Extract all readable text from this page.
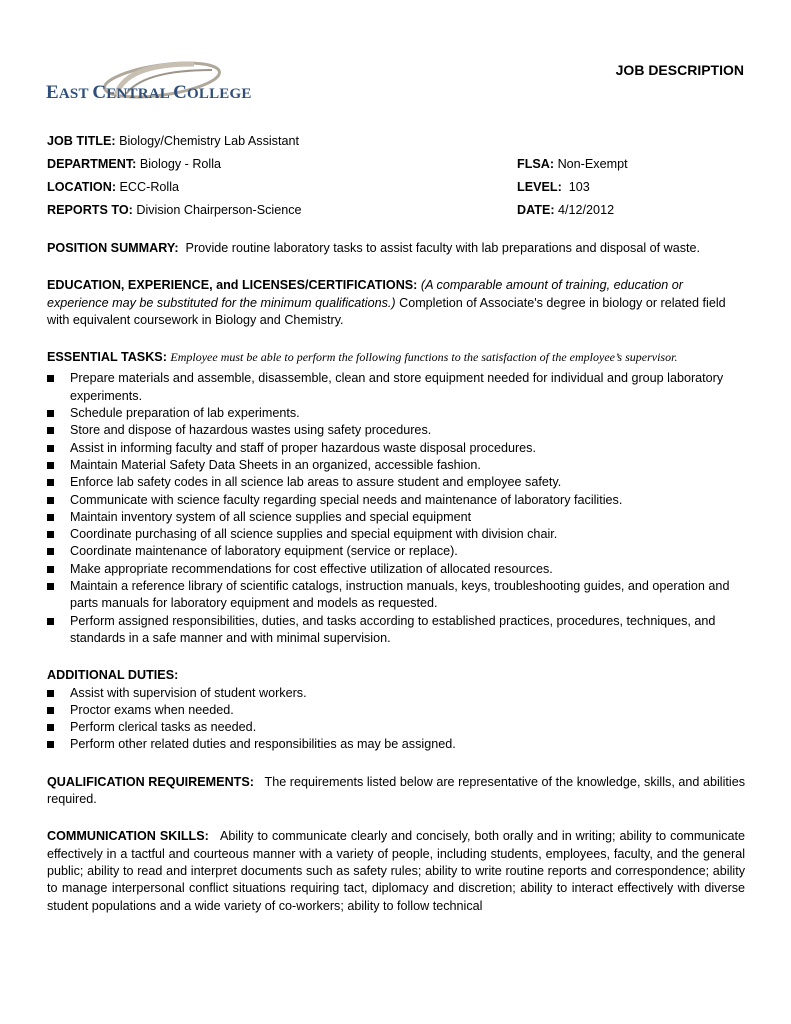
EAST CENTRAL COLLEGE
JOB DESCRIPTION
JOB TITLE: Biology/Chemistry Lab Assistant
DEPARTMENT: Biology - Rolla	FLSA: Non-Exempt
LOCATION: ECC-Rolla	LEVEL: 103
REPORTS TO: Division Chairperson-Science	DATE: 4/12/2012

POSITION SUMMARY: Provide routine laboratory tasks to assist faculty with lab preparations and disposal of waste.

EDUCATION, EXPERIENCE, and LICENSES/CERTIFICATIONS: (A comparable amount of training, education or experience may be substituted for the minimum qualifications.) Completion of Associate's degree in biology or related field with equivalent coursework in Biology and Chemistry.

ESSENTIAL TASKS: Employee must be able to perform the following functions to the satisfaction of the employee’s supervisor.

Prepare materials and assemble, disassemble, clean and store equipment needed for individual and group laboratory experiments.
Schedule preparation of lab experiments.
Store and dispose of hazardous wastes using safety procedures.
Assist in informing faculty and staff of proper hazardous waste disposal procedures.
Maintain Material Safety Data Sheets in an organized, accessible fashion.
Enforce lab safety codes in all science lab areas to assure student and employee safety.
Communicate with science faculty regarding special needs and maintenance of laboratory facilities.
Maintain inventory system of all science supplies and special equipment
Coordinate purchasing of all science supplies and special equipment with division chair.
Coordinate maintenance of laboratory equipment (service or replace).
Make appropriate recommendations for cost effective utilization of allocated resources.
Maintain a reference library of scientific catalogs, instruction manuals, keys, troubleshooting guides, and operation and parts manuals for laboratory equipment and models as requested.
Perform assigned responsibilities, duties, and tasks according to established practices, procedures, techniques, and standards in a safe manner and with minimal supervision.

ADDITIONAL DUTIES:

Assist with supervision of student workers.
Proctor exams when needed.
Perform clerical tasks as needed.
Perform other related duties and responsibilities as may be assigned.

QUALIFICATION REQUIREMENTS: The requirements listed below are representative of the knowledge, skills, and abilities required.

COMMUNICATION SKILLS: Ability to communicate clearly and concisely, both orally and in writing; ability to communicate effectively in a tactful and courteous manner with a variety of people, including students, employees, faculty, and the general public; ability to read and interpret documents such as safety rules; ability to write routine reports and correspondence; ability to manage interpersonal conflict situations requiring tact, diplomacy and discretion; ability to interact effectively with diverse student populations and a wide variety of co-workers; ability to follow technical
